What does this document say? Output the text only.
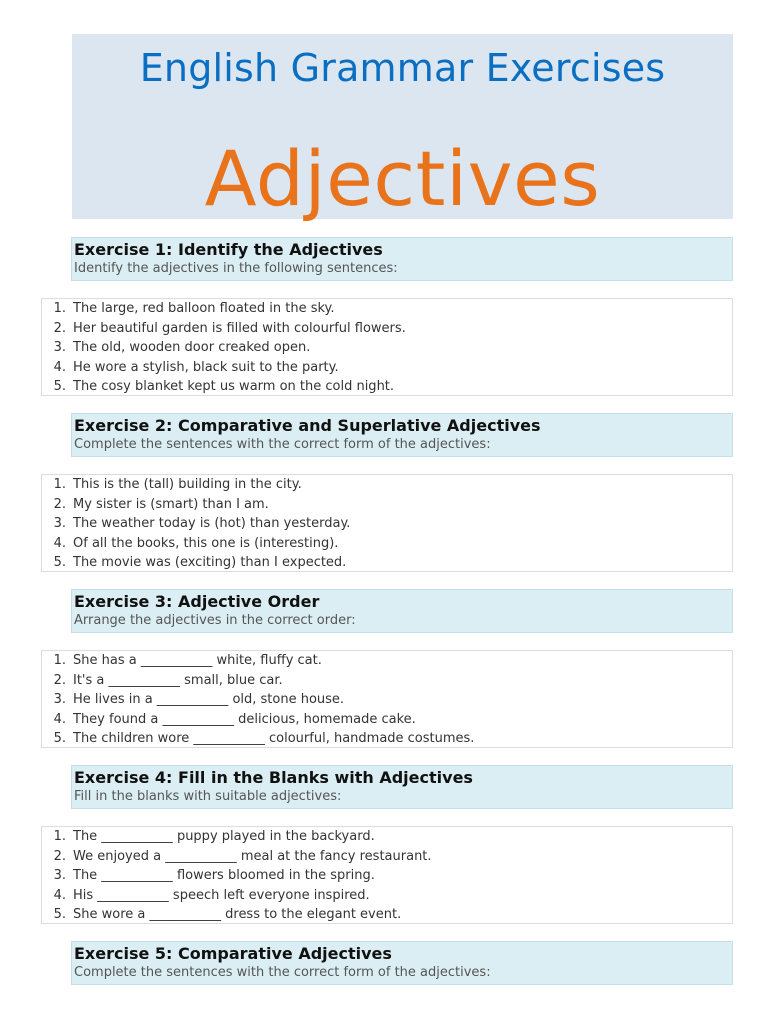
English Grammar Exercises
Adjectives
Exercise 1: Identify the Adjectives
Identify the adjectives in the following sentences:
1. The large, red balloon floated in the sky.
2. Her beautiful garden is filled with colourful flowers.
3. The old, wooden door creaked open.
4. He wore a stylish, black suit to the party.
5. The cosy blanket kept us warm on the cold night.
Exercise 2: Comparative and Superlative Adjectives
Complete the sentences with the correct form of the adjectives:
1. This is the (tall) building in the city.
2. My sister is (smart) than I am.
3. The weather today is (hot) than yesterday.
4. Of all the books, this one is (interesting).
5. The movie was (exciting) than I expected.
Exercise 3: Adjective Order
Arrange the adjectives in the correct order:
1. She has a ___________ white, fluffy cat.
2. It's a ___________ small, blue car.
3. He lives in a ___________ old, stone house.
4. They found a ___________ delicious, homemade cake.
5. The children wore ___________ colourful, handmade costumes.
Exercise 4: Fill in the Blanks with Adjectives
Fill in the blanks with suitable adjectives:
1. The ___________ puppy played in the backyard.
2. We enjoyed a ___________ meal at the fancy restaurant.
3. The ___________ flowers bloomed in the spring.
4. His ___________ speech left everyone inspired.
5. She wore a ___________ dress to the elegant event.
Exercise 5: Comparative Adjectives
Complete the sentences with the correct form of the adjectives:
